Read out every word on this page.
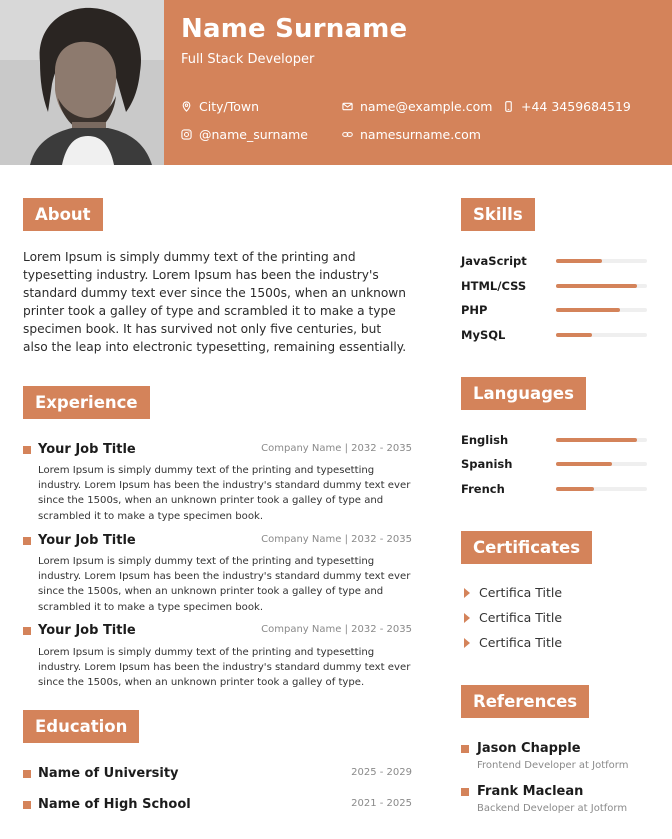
Name Surname
Full Stack Developer
City/Town	name@example.com +44 3459684519
@name_surname	namesurname.com
About
Lorem Ipsum is simply dummy text of the printing and typesetting industry. Lorem Ipsum has been the industry's standard dummy text ever since the 1500s, when an unknown printer took a galley of type and scrambled it to make a type specimen book. It has survived not only five centuries, but also the leap into electronic typesetting, remaining essentially.
Experience
Your Job Title	Company Name | 2032 - 2035
Lorem Ipsum is simply dummy text of the printing and typesetting industry. Lorem Ipsum has been the industry's standard dummy text ever since the 1500s, when an unknown printer took a galley of type and scrambled it to make a type specimen book.
Your Job Title	Company Name | 2032 - 2035
Lorem Ipsum is simply dummy text of the printing and typesetting industry. Lorem Ipsum has been the industry's standard dummy text ever since the 1500s, when an unknown printer took a galley of type and scrambled it to make a type specimen book.
Your Job Title	Company Name | 2032 - 2035
Lorem Ipsum is simply dummy text of the printing and typesetting industry. Lorem Ipsum has been the industry's standard dummy text ever since the 1500s, when an unknown printer took a galley of type.
Education
Name of University	2025 - 2029
Name of High School	2021 - 2025
Skills
JavaScript
HTML/CSS
PHP
MySQL
Languages
English
Spanish
French
Certificates
Certifica Title
Certifica Title
Certifica Title
References
Jason Chapple
Frontend Developer at Jotform
Frank Maclean
Backend Developer at Jotform
